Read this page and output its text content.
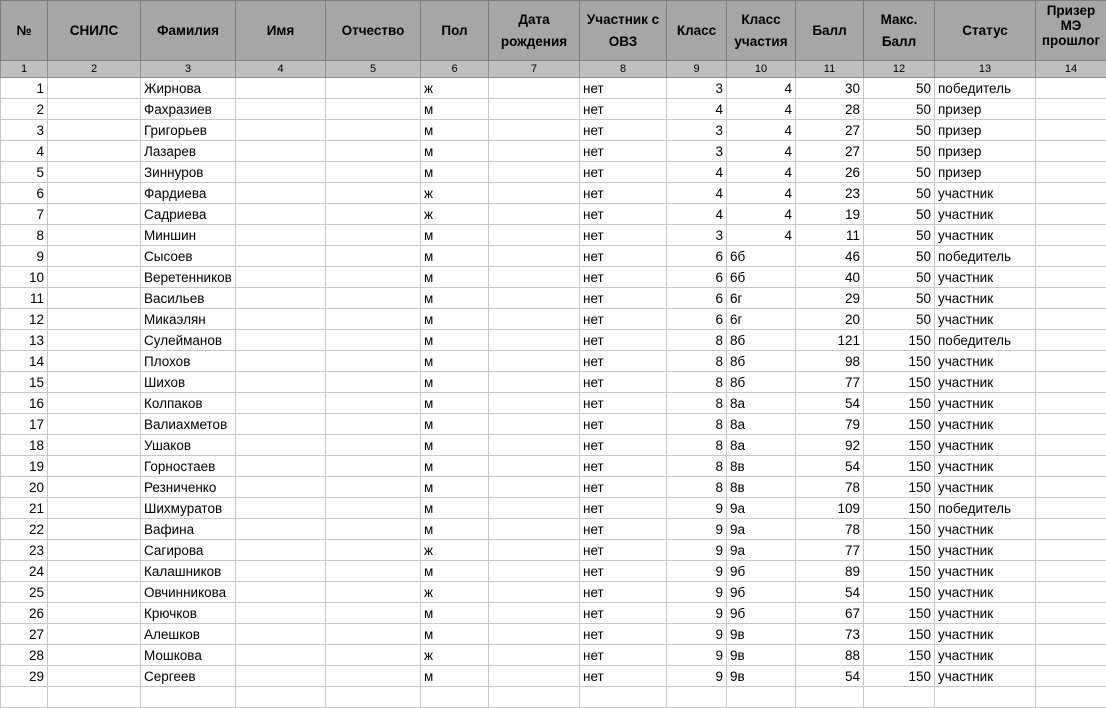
№	СНИЛС	Фамилия	Имя	Отчество	Пол	Дата рождения	Участник с ОВЗ	Класс	Класс участия	Балл	Макс. Балл	Статус	Призер МЭ прошлог
1	2	3	4	5	6	7	8	9	10	11	12	13	14
1		Жирнова			ж		нет	3	4	30	50	победитель	
2		Фахразиев			м		нет	4	4	28	50	призер	
3		Григорьев			м		нет	3	4	27	50	призер	
4		Лазарев			м		нет	3	4	27	50	призер	
5		Зиннуров			м		нет	4	4	26	50	призер	
6		Фардиева			ж		нет	4	4	23	50	участник	
7		Садриева			ж		нет	4	4	19	50	участник	
8		Миншин			м		нет	3	4	11	50	участник	
9		Сысоев			м		нет	6	6б	46	50	победитель	
10		Веретенников			м		нет	6	6б	40	50	участник	
11		Васильев			м		нет	6	6г	29	50	участник	
12		Микаэлян			м		нет	6	6г	20	50	участник	
13		Сулейманов			м		нет	8	8б	121	150	победитель	
14		Плохов			м		нет	8	8б	98	150	участник	
15		Шихов			м		нет	8	8б	77	150	участник	
16		Колпаков			м		нет	8	8а	54	150	участник	
17		Валиахметов			м		нет	8	8а	79	150	участник	
18		Ушаков			м		нет	8	8а	92	150	участник	
19		Горностаев			м		нет	8	8в	54	150	участник	
20		Резниченко			м		нет	8	8в	78	150	участник	
21		Шихмуратов			м		нет	9	9а	109	150	победитель	
22		Вафина			м		нет	9	9а	78	150	участник	
23		Сагирова			ж		нет	9	9а	77	150	участник	
24		Калашников			м		нет	9	9б	89	150	участник	
25		Овчинникова			ж		нет	9	9б	54	150	участник	
26		Крючков			м		нет	9	9б	67	150	участник	
27		Алешков			м		нет	9	9в	73	150	участник	
28		Мошкова			ж		нет	9	9в	88	150	участник	
29		Сергеев			м		нет	9	9в	54	150	участник	
